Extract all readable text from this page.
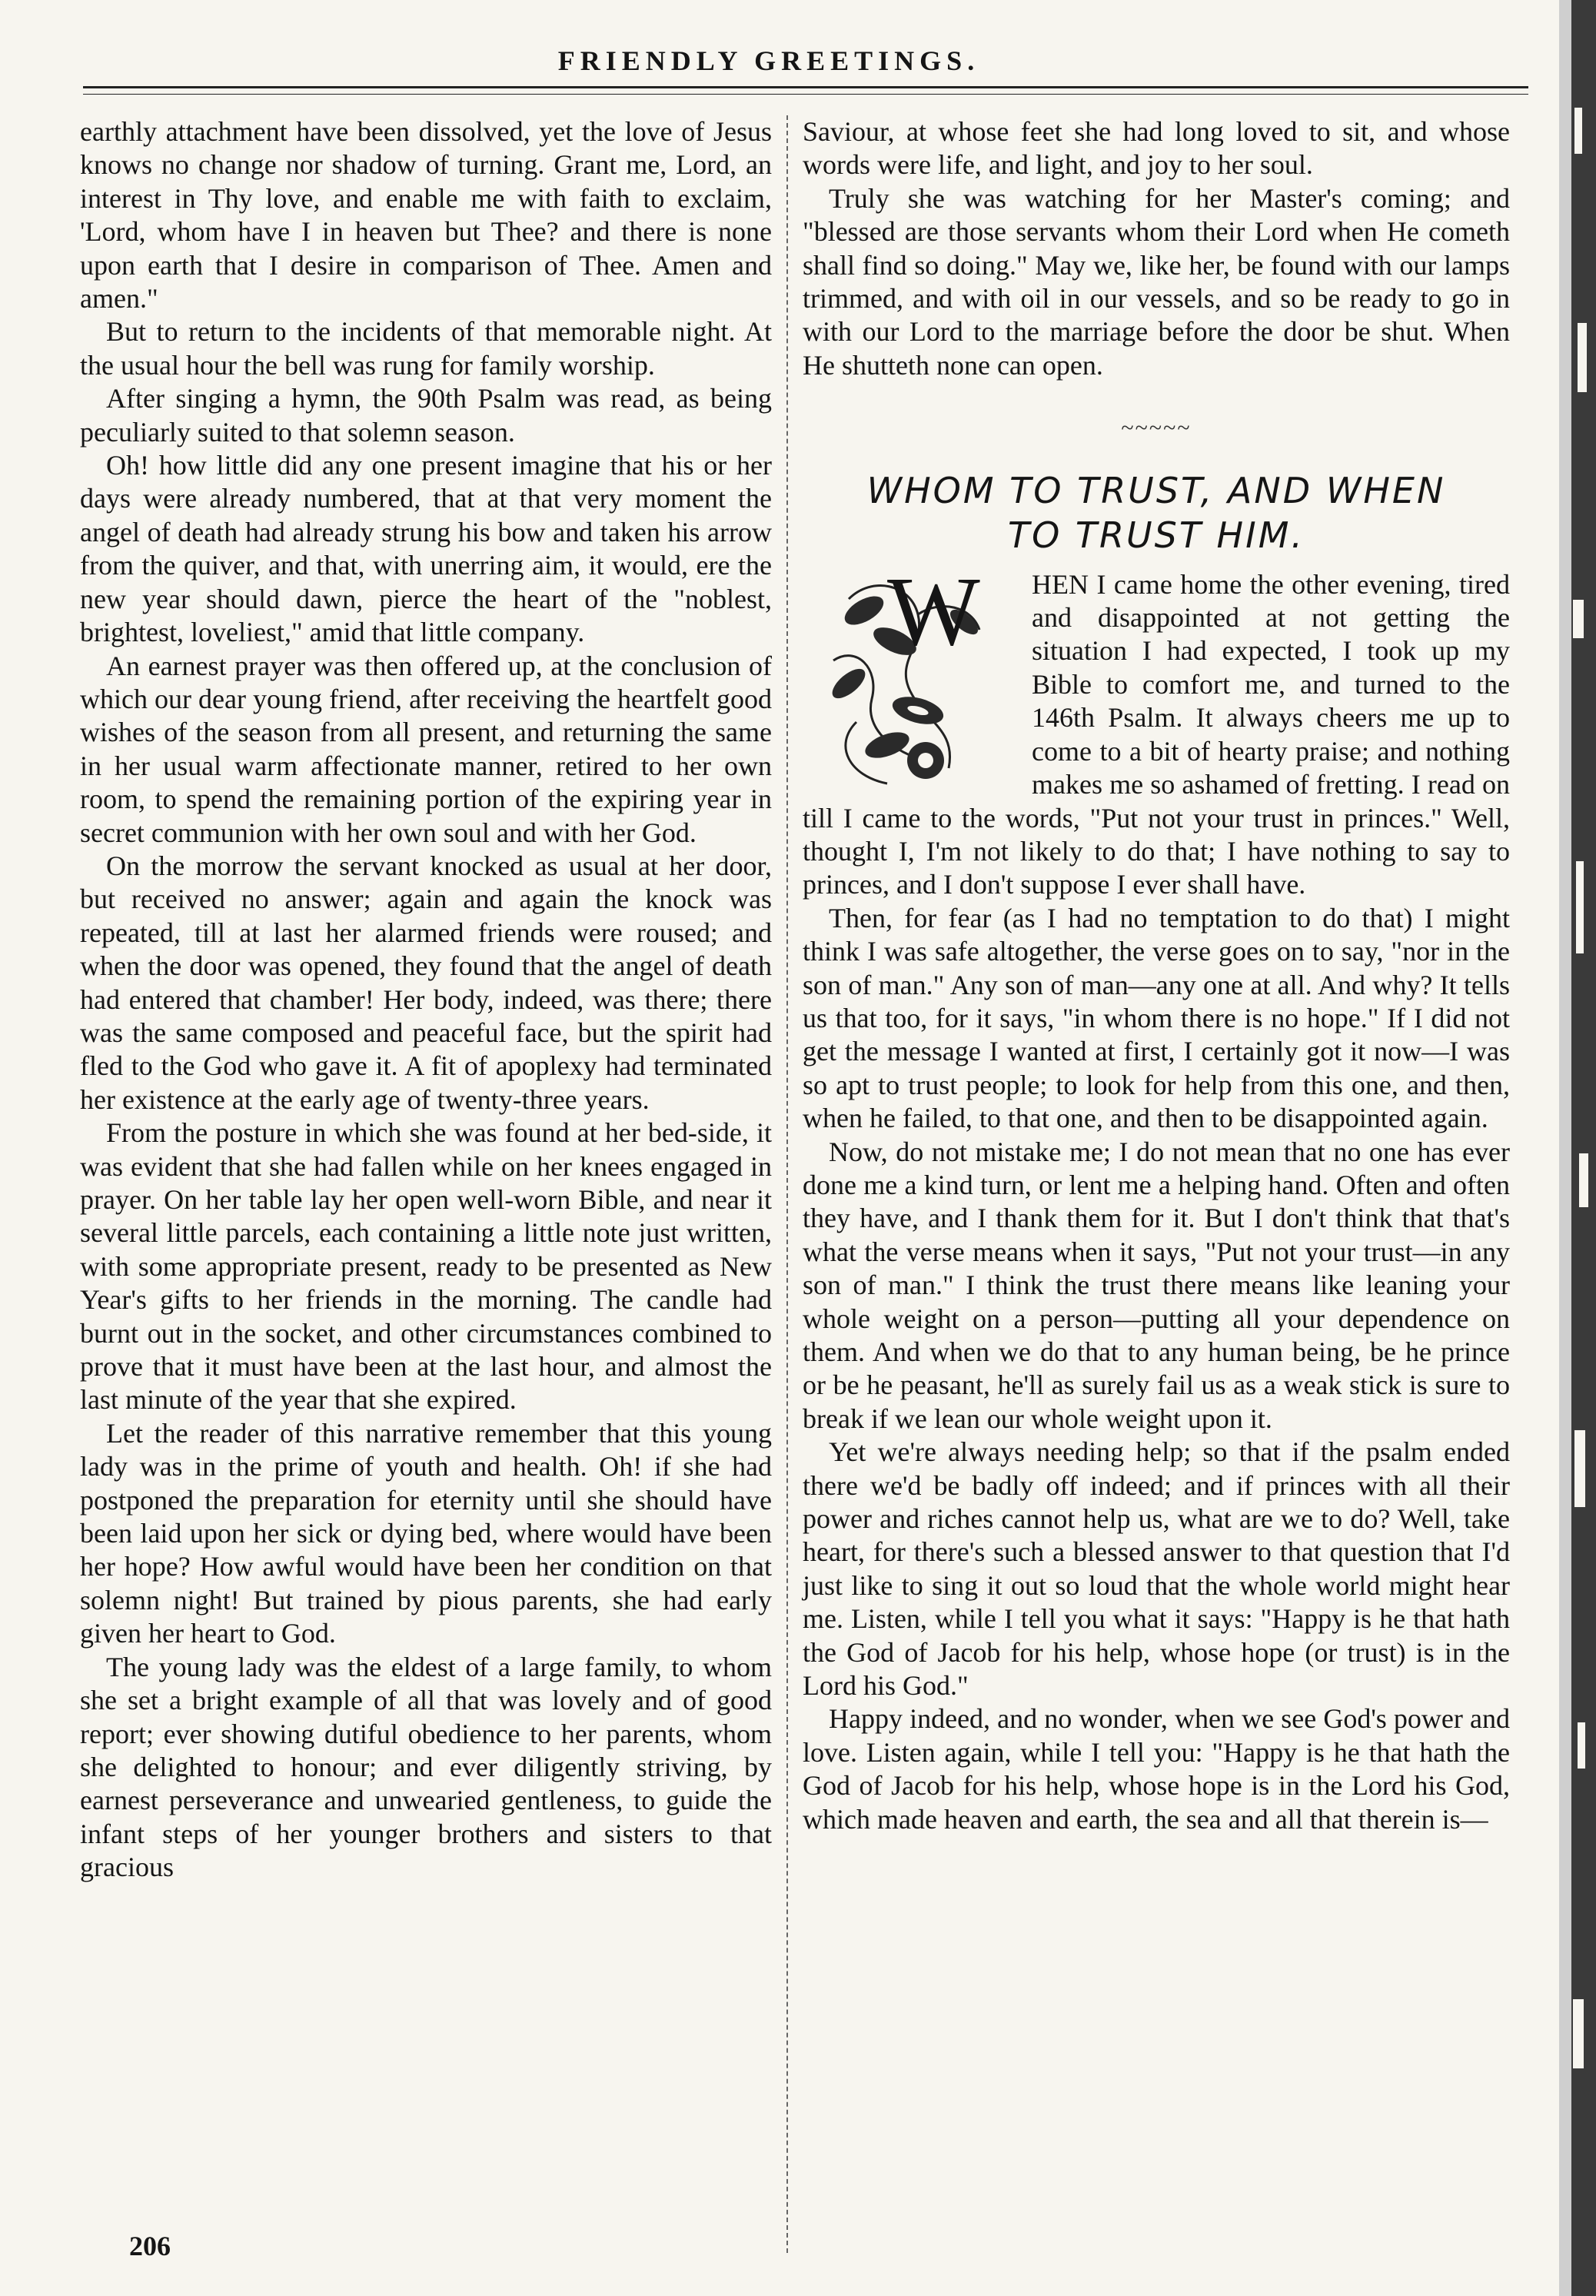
FRIENDLY GREETINGS.

earthly attachment have been dissolved, yet the love of Jesus knows no change nor shadow of turning. Grant me, Lord, an interest in Thy love, and enable me with faith to exclaim, 'Lord, whom have I in heaven but Thee? and there is none upon earth that I desire in comparison of Thee. Amen and amen."

But to return to the incidents of that memorable night. At the usual hour the bell was rung for family worship.

After singing a hymn, the 90th Psalm was read, as being peculiarly suited to that solemn season.

Oh! how little did any one present imagine that his or her days were already numbered, that at that very moment the angel of death had already strung his bow and taken his arrow from the quiver, and that, with unerring aim, it would, ere the new year should dawn, pierce the heart of the "noblest, brightest, loveliest," amid that little company.

An earnest prayer was then offered up, at the conclusion of which our dear young friend, after receiving the heartfelt good wishes of the season from all present, and returning the same in her usual warm affectionate manner, retired to her own room, to spend the remaining portion of the expiring year in secret communion with her own soul and with her God.

On the morrow the servant knocked as usual at her door, but received no answer; again and again the knock was repeated, till at last her alarmed friends were roused; and when the door was opened, they found that the angel of death had entered that chamber! Her body, indeed, was there; there was the same composed and peaceful face, but the spirit had fled to the God who gave it. A fit of apoplexy had terminated her existence at the early age of twenty-three years.

From the posture in which she was found at her bed-side, it was evident that she had fallen while on her knees engaged in prayer. On her table lay her open well-worn Bible, and near it several little parcels, each containing a little note just written, with some appropriate present, ready to be presented as New Year's gifts to her friends in the morning. The candle had burnt out in the socket, and other circumstances combined to prove that it must have been at the last hour, and almost the last minute of the year that she expired.

Let the reader of this narrative remember that this young lady was in the prime of youth and health. Oh! if she had postponed the preparation for eternity until she should have been laid upon her sick or dying bed, where would have been her hope? How awful would have been her condition on that solemn night! But trained by pious parents, she had early given her heart to God.

The young lady was the eldest of a large family, to whom she set a bright example of all that was lovely and of good report; ever showing dutiful obedience to her parents, whom she delighted to honour; and ever diligently striving, by earnest perseverance and unwearied gentleness, to guide the infant steps of her younger brothers and sisters to that gracious

Saviour, at whose feet she had long loved to sit, and whose words were life, and light, and joy to her soul.

Truly she was watching for her Master's coming; and "blessed are those servants whom their Lord when He cometh shall find so doing." May we, like her, be found with our lamps trimmed, and with oil in our vessels, and so be ready to go in with our Lord to the marriage before the door be shut. When He shutteth none can open.

~~~~~
WHOM TO TRUST, AND WHEN TO TRUST HIM.

W HEN I came home the other evening, tired and disappointed at not getting the situation I had expected, I took up my Bible to comfort me, and turned to the 146th Psalm. It always cheers me up to come to a bit of hearty praise; and nothing makes me so ashamed of fretting. I read on till I came to the words, "Put not your trust in princes." Well, thought I, I'm not likely to do that; I have nothing to say to princes, and I don't suppose I ever shall have.

Then, for fear (as I had no temptation to do that) I might think I was safe altogether, the verse goes on to say, "nor in the son of man." Any son of man—any one at all. And why? It tells us that too, for it says, "in whom there is no hope." If I did not get the message I wanted at first, I certainly got it now—I was so apt to trust people; to look for help from this one, and then, when he failed, to that one, and then to be disappointed again.

Now, do not mistake me; I do not mean that no one has ever done me a kind turn, or lent me a helping hand. Often and often they have, and I thank them for it. But I don't think that that's what the verse means when it says, "Put not your trust—in any son of man." I think the trust there means like leaning your whole weight on a person—putting all your dependence on them. And when we do that to any human being, be he prince or be he peasant, he'll as surely fail us as a weak stick is sure to break if we lean our whole weight upon it.

Yet we're always needing help; so that if the psalm ended there we'd be badly off indeed; and if princes with all their power and riches cannot help us, what are we to do? Well, take heart, for there's such a blessed answer to that question that I'd just like to sing it out so loud that the whole world might hear me. Listen, while I tell you what it says: "Happy is he that hath the God of Jacob for his help, whose hope (or trust) is in the Lord his God."

Happy indeed, and no wonder, when we see God's power and love. Listen again, while I tell you: "Happy is he that hath the God of Jacob for his help, whose hope is in the Lord his God, which made heaven and earth, the sea and all that therein is—

206
